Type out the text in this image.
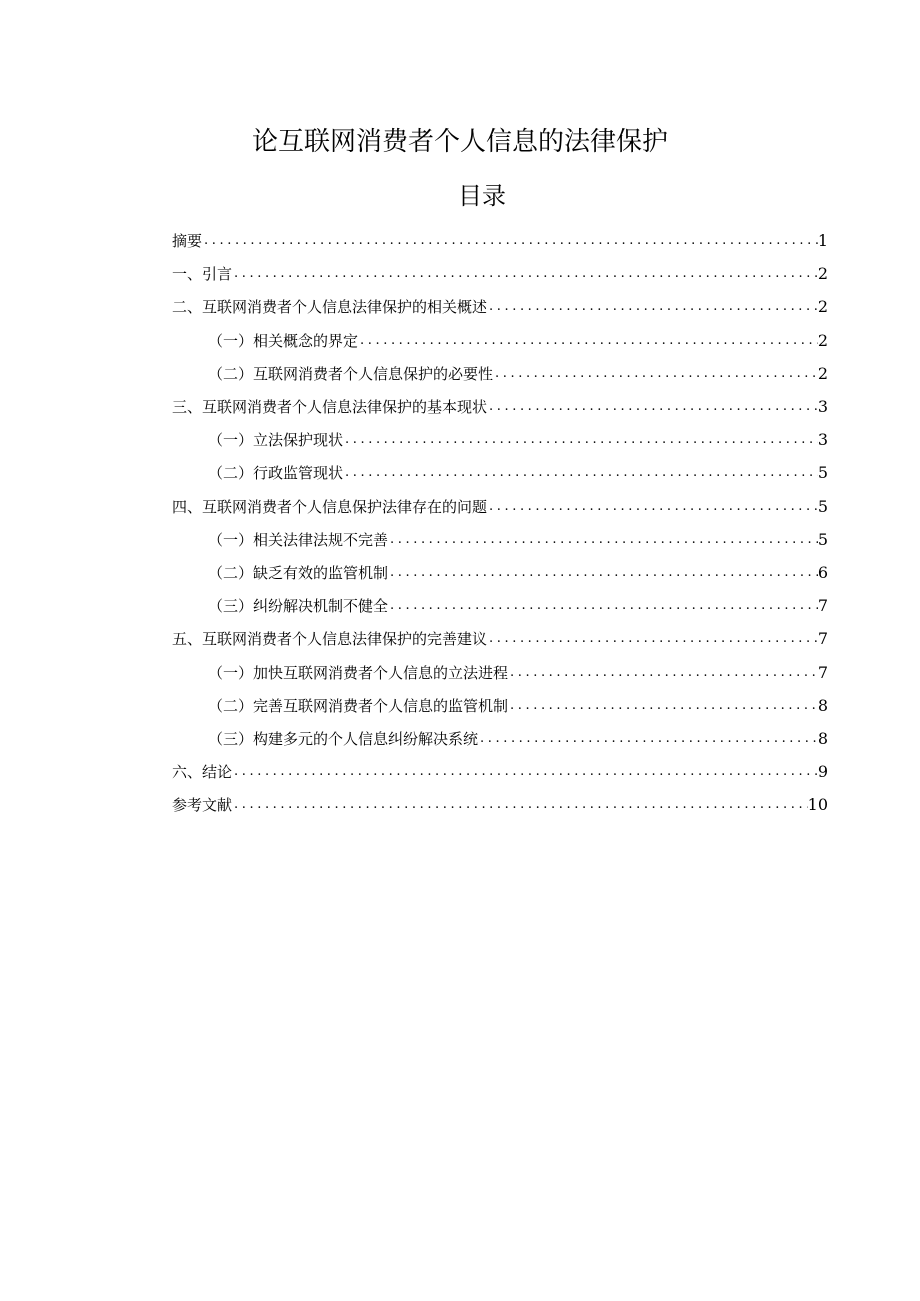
论互联网消费者个人信息的法律保护
目录
摘要 .....	1
一、引言 .....	2
二、互联网消费者个人信息法律保护的相关概述 .....	2
（一）相关概念的界定 .....	2
（二）互联网消费者个人信息保护的必要性 .....	2
三、互联网消费者个人信息法律保护的基本现状 .....	3
（一）立法保护现状 .....	3
（二）行政监管现状 .....	5
四、互联网消费者个人信息保护法律存在的问题 .....	5
（一）相关法律法规不完善 .....	5
（二）缺乏有效的监管机制 .....	6
（三）纠纷解决机制不健全 .....	7
五、互联网消费者个人信息法律保护的完善建议 .....	7
（一）加快互联网消费者个人信息的立法进程 .....	7
（二）完善互联网消费者个人信息的监管机制 .....	8
（三）构建多元的个人信息纠纷解决系统 .....	8
六、结论 .....	9
参考文献 .....	10
